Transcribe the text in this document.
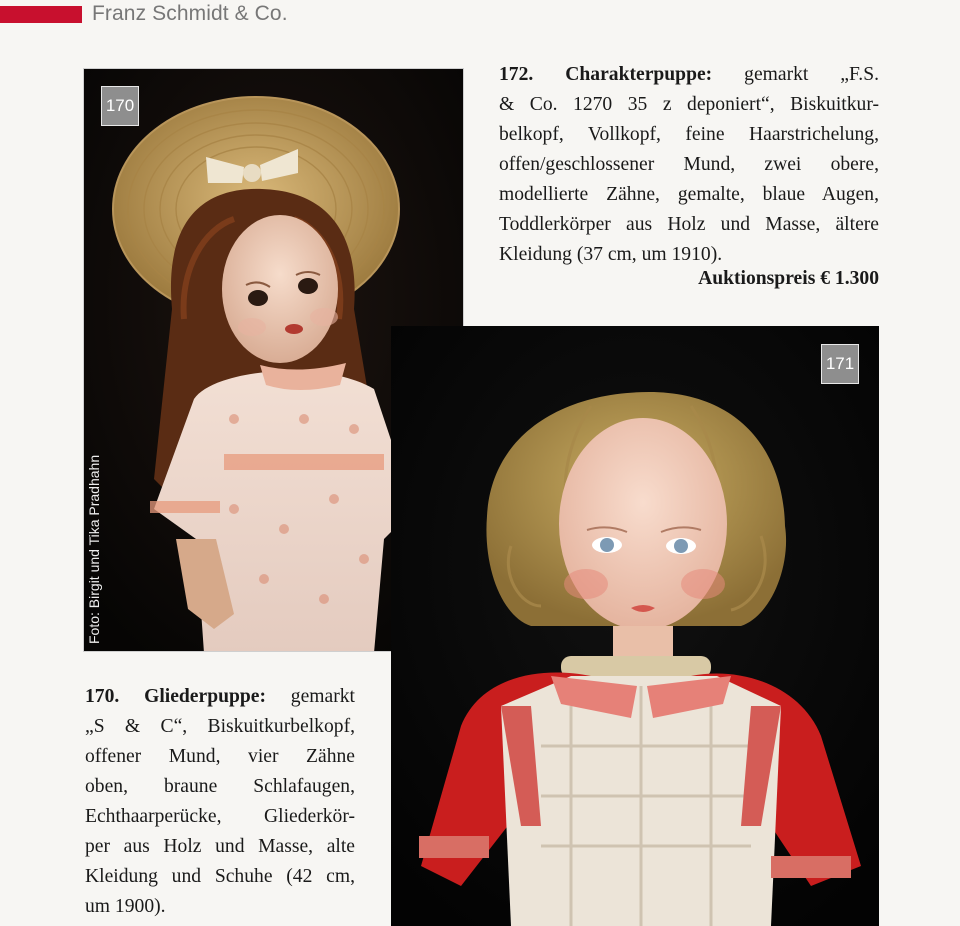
Franz Schmidt & Co.
170
Foto: Birgit und Tika Pradhahn
171
172. Charakterpuppe: gemarkt „F.S.
& Co. 1270 35 z deponiert“, Biskuitkur-
belkopf, Vollkopf, feine Haarstrichelung,
offen/geschlossener Mund, zwei obere,
modellierte Zähne, gemalte, blaue Augen,
Toddlerkörper aus Holz und Masse, ältere
Kleidung (37 cm, um 1910).
Auktionspreis € 1.300
170. Gliederpuppe: gemarkt
„S & C“, Biskuitkurbelkopf,
offener Mund, vier Zähne
oben, braune Schlafaugen,
Echthaarperücke, Gliederkör-
per aus Holz und Masse, alte
Kleidung und Schuhe (42 cm,
um 1900).
